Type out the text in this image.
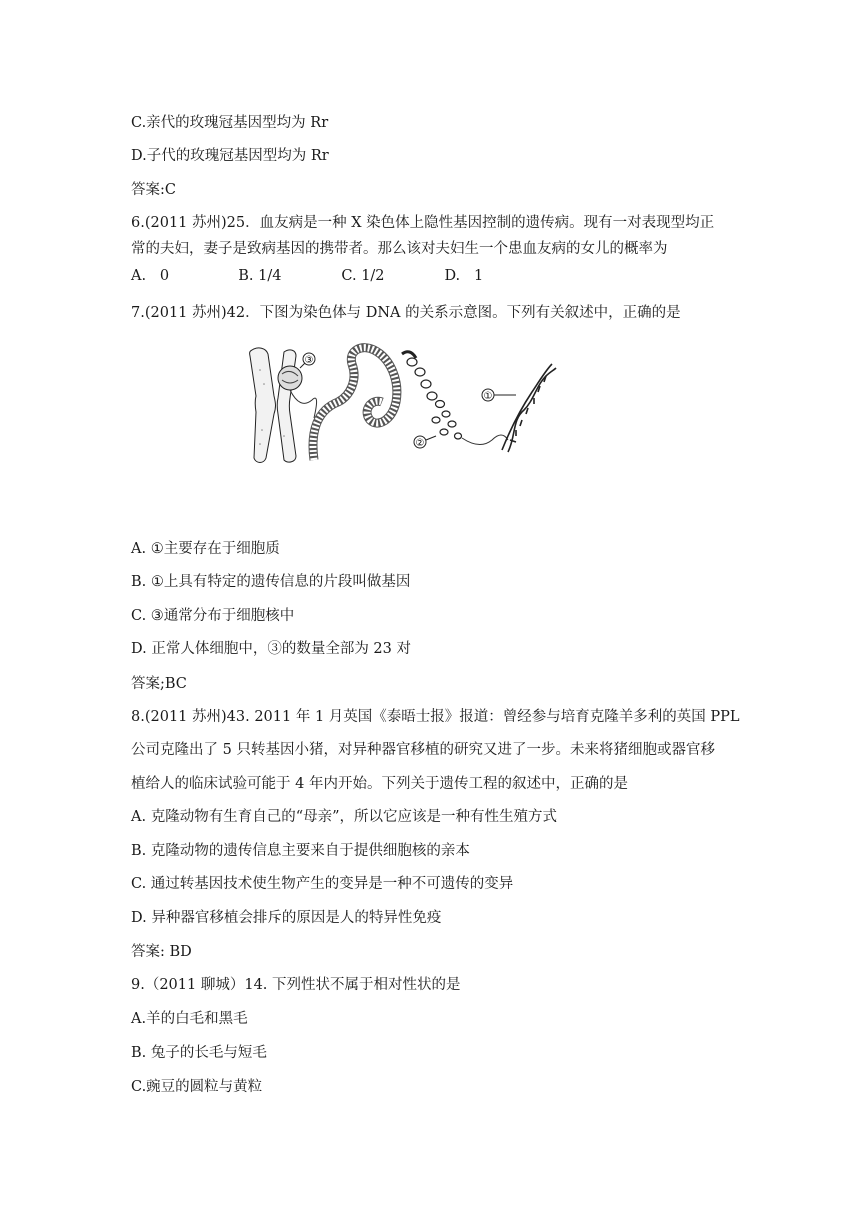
C.亲代的玫瑰冠基因型均为 Rr
D.子代的玫瑰冠基因型均为 Rr
答案:C
6.(2011 苏州)25．血友病是一种 X 染色体上隐性基因控制的遗传病。现有一对表现型均正
常的夫妇，妻子是致病基因的携带者。那么该对夫妇生一个患血友病的女儿的概率为
A.   0               B. 1/4             C. 1/2             D.   1
7.(2011 苏州)42．下图为染色体与 DNA 的关系示意图。下列有关叙述中，正确的是
③
②
①
A. ①主要存在于细胞质
B. ①上具有特定的遗传信息的片段叫做基因
C. ③通常分布于细胞核中
D. 正常人体细胞中，③的数量全部为 23 对
答案;BC
8.(2011 苏州)43. 2011 年 1 月英国《泰晤士报》报道：曾经参与培育克隆羊多利的英国 PPL
公司克隆出了 5 只转基因小猪，对异种器官移植的研究又进了一步。未来将猪细胞或器官移
植给人的临床试验可能于 4 年内开始。下列关于遗传工程的叙述中，正确的是
A. 克隆动物有生育自己的“母亲”，所以它应该是一种有性生殖方式
B. 克隆动物的遗传信息主要来自于提供细胞核的亲本
C. 通过转基因技术使生物产生的变异是一种不可遗传的变异
D. 异种器官移植会排斥的原因是人的特异性免疫
答案: BD
9.（2011 聊城）14. 下列性状不属于相对性状的是
A.羊的白毛和黑毛
B. 兔子的长毛与短毛
C.豌豆的圆粒与黄粒
